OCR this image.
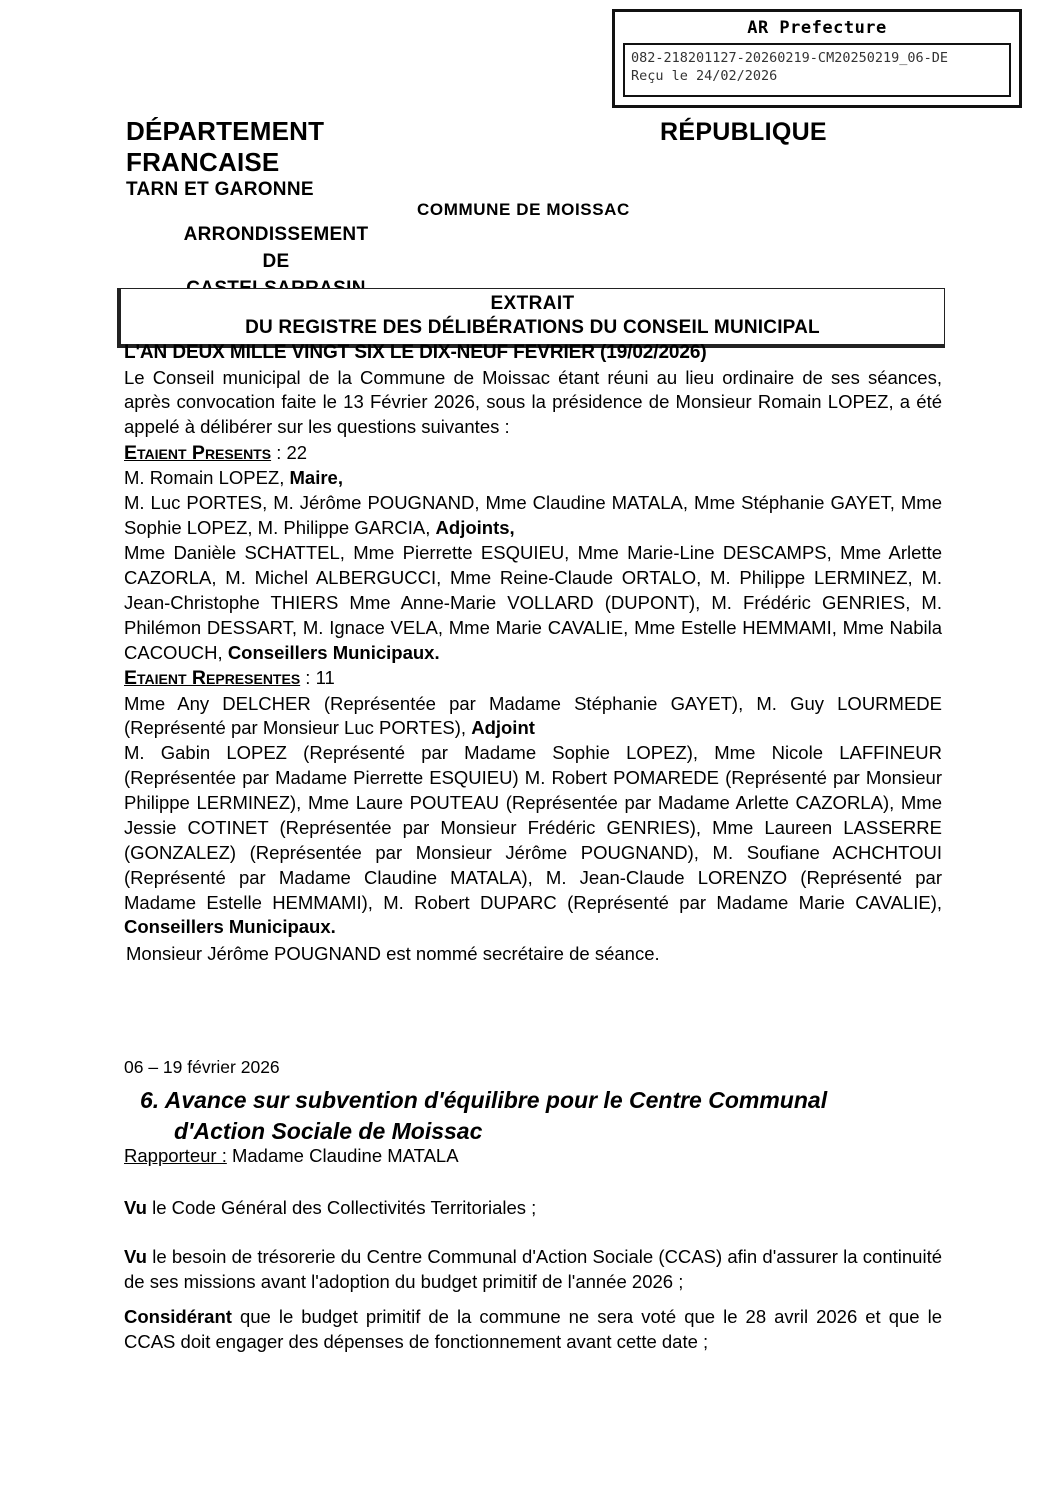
AR Prefecture
082-218201127-20260219-CM20250219_06-DE
Reçu le 24/02/2026
DÉPARTEMENT
FRANCAISE
TARN ET GARONNE
ARRONDISSEMENT
DE
RÉPUBLIQUE
COMMUNE DE MOISSAC
EXTRAIT
DU REGISTRE DES DÉLIBÉRATIONS DU CONSEIL MUNICIPAL
L'AN DEUX MILLE VINGT SIX LE DIX-NEUF FEVRIER (19/02/2026)

Le Conseil municipal de la Commune de Moissac étant réuni au lieu ordinaire de ses séances, après convocation faite le 13 Février 2026, sous la présidence de Monsieur Romain LOPEZ, a été appelé à délibérer sur les questions suivantes :

Etaient Presents : 22

M. Romain LOPEZ, Maire,

M. Luc PORTES, M. Jérôme POUGNAND, Mme Claudine MATALA, Mme Stéphanie GAYET, Mme Sophie LOPEZ, M. Philippe GARCIA, Adjoints,

Mme Danièle SCHATTEL, Mme Pierrette ESQUIEU, Mme Marie-Line DESCAMPS, Mme Arlette CAZORLA, M. Michel ALBERGUCCI, Mme Reine-Claude ORTALO, M. Philippe LERMINEZ, M. Jean-Christophe THIERS Mme Anne-Marie VOLLARD (DUPONT), M. Frédéric GENRIES, M. Philémon DESSART, M. Ignace VELA, Mme Marie CAVALIE, Mme Estelle HEMMAMI, Mme Nabila CACOUCH, Conseillers Municipaux.

Etaient Representes : 11

Mme Any DELCHER (Représentée par Madame Stéphanie GAYET), M. Guy LOURMEDE (Représenté par Monsieur Luc PORTES), Adjoint

M. Gabin LOPEZ (Représenté par Madame Sophie LOPEZ), Mme Nicole LAFFINEUR (Représentée par Madame Pierrette ESQUIEU) M. Robert POMAREDE (Représenté par Monsieur Philippe LERMINEZ), Mme Laure POUTEAU (Représentée par Madame Arlette CAZORLA), Mme Jessie COTINET (Représentée par Monsieur Frédéric GENRIES), Mme Laureen LASSERRE (GONZALEZ) (Représentée par Monsieur Jérôme POUGNAND), M. Soufiane ACHCHTOUI (Représenté par Madame Claudine MATALA), M. Jean-Claude LORENZO (Représenté par Madame Estelle HEMMAMI), M. Robert DUPARC (Représenté par Madame Marie CAVALIE), Conseillers Municipaux.

Monsieur Jérôme POUGNAND est nommé secrétaire de séance.
06 – 19 février 2026
6. Avance sur subvention d'équilibre pour le Centre Communal
d'Action Sociale de Moissac
Rapporteur : Madame Claudine MATALA
Vu le Code Général des Collectivités Territoriales ;
Vu le besoin de trésorerie du Centre Communal d'Action Sociale (CCAS) afin d'assurer la continuité de ses missions avant l'adoption du budget primitif de l'année 2026 ;
Considérant que le budget primitif de la commune ne sera voté que le 28 avril 2026 et que le CCAS doit engager des dépenses de fonctionnement avant cette date ;
